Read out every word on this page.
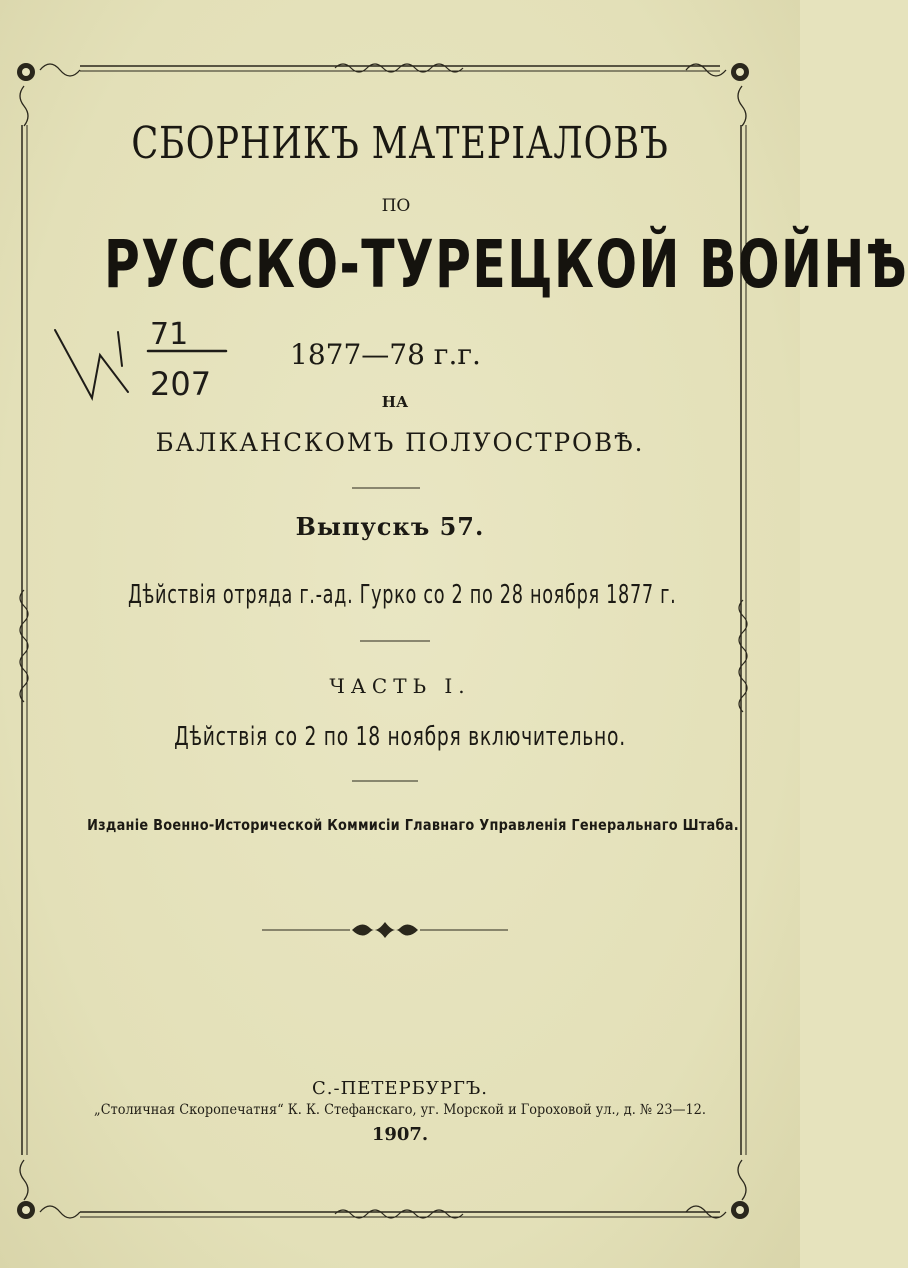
71
207

СБОРНИКЪ МАТЕРІАЛОВЪ

ПО

РУССКО-ТУРЕЦКОЙ ВОЙНѢ

1877—78 г.г.

НА

БАЛКАНСКОМЪ ПОЛУОСТРОВѢ.

Выпускъ 57.

Дѣйствія отряда г.-ад. Гурко со 2 по 28 ноября 1877 г.

ЧАСТЬ I.

Дѣйствія со 2 по 18 ноября включительно.

Изданіе Военно-Исторической Коммисіи Главнаго Управленія Генеральнаго Штаба.

С.-ПЕТЕРБУРГЪ.

„Столичная Скоропечатня“ К. К. Стефанскаго, уг. Морской и Гороховой ул., д. № 23—12.

1907.
